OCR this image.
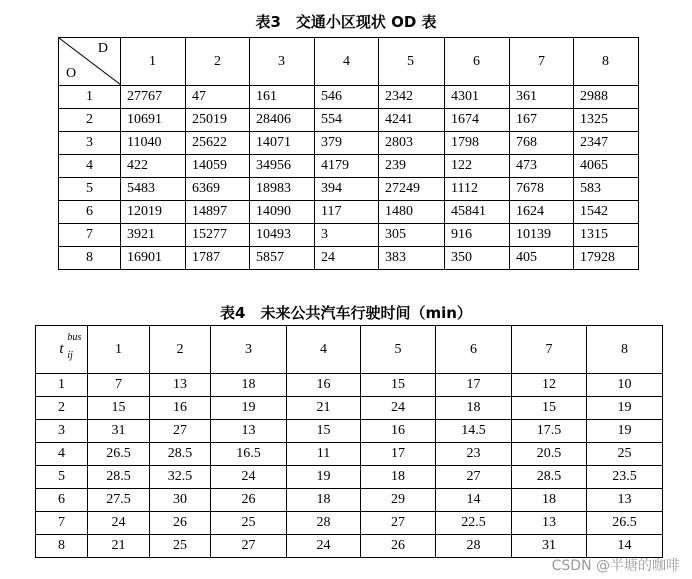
表3　交通小区现状 OD 表
D
O	1	2	3	4	5	6	7	8
1	27767	47	161	546	2342	4301	361	2988
2	10691	25019	28406	554	4241	1674	167	1325
3	11040	25622	14071	379	2803	1798	768	2347
4	422	14059	34956	4179	239	122	473	4065
5	5483	6369	18983	394	27249	1112	7678	583
6	12019	14897	14090	117	1480	45841	1624	1542
7	3921	15277	10493	3	305	916	10139	1315
8	16901	1787	5857	24	383	350	405	17928
表4　未来公共汽车行驶时间（min）
t
bus
ij	1	2	3	4	5	6	7	8
1	7	13	18	16	15	17	12	10
2	15	16	19	21	24	18	15	19
3	31	27	13	15	16	14.5	17.5	19
4	26.5	28.5	16.5	11	17	23	20.5	25
5	28.5	32.5	24	19	18	27	28.5	23.5
6	27.5	30	26	18	29	14	18	13
7	24	26	25	28	27	22.5	13	26.5
8	21	25	27	24	26	28	31	14
CSDN @半塘的咖啡
